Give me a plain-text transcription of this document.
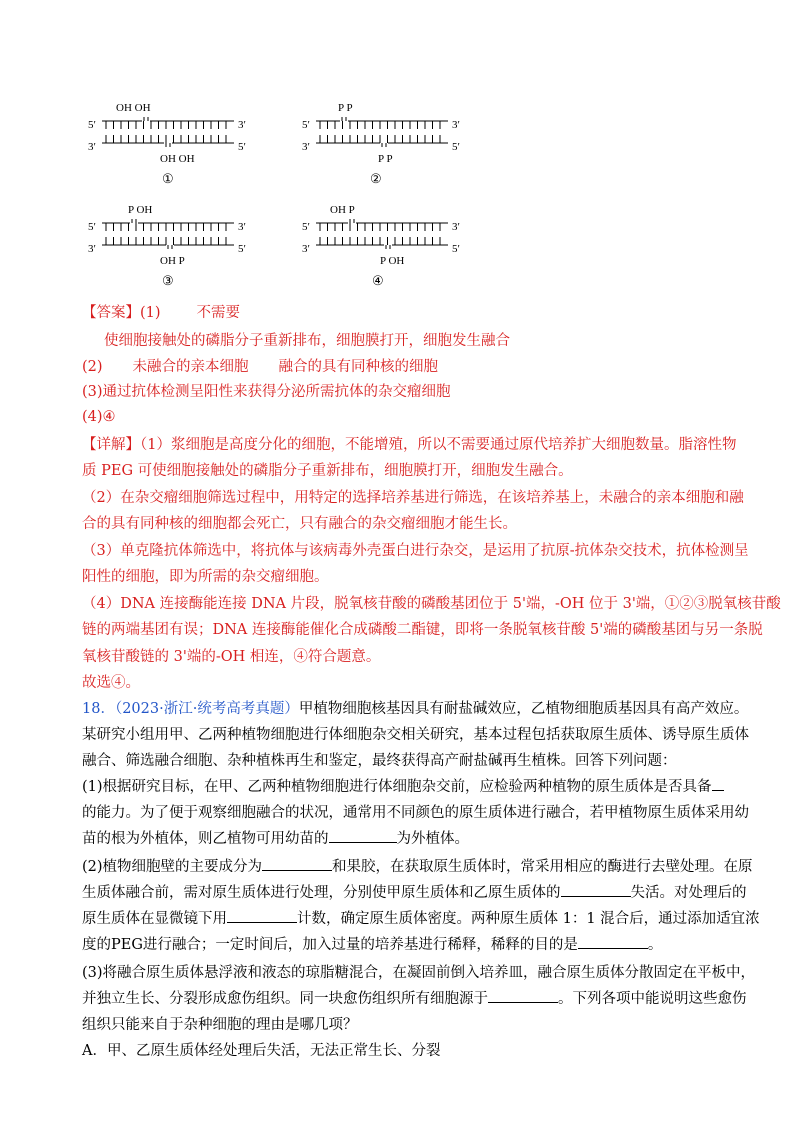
OH OH
5′	3′
3′	5′
OH OH
①
P P
5′	3′
3′	5′
P P
②
P OH
5′	3′
3′	5′
OH P
③
OH P
5′	3′
3′	5′
P OH
④
【答案】(1) 不需要
使细胞接触处的磷脂分子重新排布，细胞膜打开，细胞发生融合
(2) 未融合的亲本细胞 融合的具有同种核的细胞
(3)通过抗体检测呈阳性来获得分泌所需抗体的杂交瘤细胞
(4)④
【详解】（1）浆细胞是高度分化的细胞，不能增殖，所以不需要通过原代培养扩大细胞数量。脂溶性物
质 PEG 可使细胞接触处的磷脂分子重新排布，细胞膜打开，细胞发生融合。
（2）在杂交瘤细胞筛选过程中，用特定的选择培养基进行筛选，在该培养基上，未融合的亲本细胞和融
合的具有同种核的细胞都会死亡，只有融合的杂交瘤细胞才能生长。
（3）单克隆抗体筛选中，将抗体与该病毒外壳蛋白进行杂交，是运用了抗原-抗体杂交技术，抗体检测呈
阳性的细胞，即为所需的杂交瘤细胞。
（4）DNA 连接酶能连接 DNA 片段，脱氧核苷酸的磷酸基团位于 5'端，-OH 位于 3'端，①②③脱氧核苷酸
链的两端基团有误；DNA 连接酶能催化合成磷酸二酯键，即将一条脱氧核苷酸 5'端的磷酸基团与另一条脱
氧核苷酸链的 3'端的-OH 相连，④符合题意。
故选④。
18．（2023·浙江·统考高考真题）甲植物细胞核基因具有耐盐碱效应，乙植物细胞质基因具有高产效应。
某研究小组用甲、乙两种植物细胞进行体细胞杂交相关研究，基本过程包括获取原生质体、诱导原生质体
融合、筛选融合细胞、杂种植株再生和鉴定，最终获得高产耐盐碱再生植株。回答下列问题：
(1)根据研究目标，在甲、乙两种植物细胞进行体细胞杂交前，应检验两种植物的原生质体是否具备
的能力。为了便于观察细胞融合的状况，通常用不同颜色的原生质体进行融合，若甲植物原生质体采用幼
苗的根为外植体，则乙植物可用幼苗的	为外植体。
(2)植物细胞壁的主要成分为	和果胶，在获取原生质体时，常采用相应的酶进行去壁处理。在原
生质体融合前，需对原生质体进行处理，分别使甲原生质体和乙原生质体的	失活。对处理后的
原生质体在显微镜下用	计数，确定原生质体密度。两种原生质体 1：1 混合后，通过添加适宜浓
度的PEG进行融合；一定时间后，加入过量的培养基进行稀释，稀释的目的是	。
(3)将融合原生质体悬浮液和液态的琼脂糖混合，在凝固前倒入培养皿，融合原生质体分散固定在平板中，
并独立生长、分裂形成愈伤组织。同一块愈伤组织所有细胞源于	。下列各项中能说明这些愈伤
组织只能来自于杂种细胞的理由是哪几项？
A．甲、乙原生质体经处理后失活，无法正常生长、分裂
